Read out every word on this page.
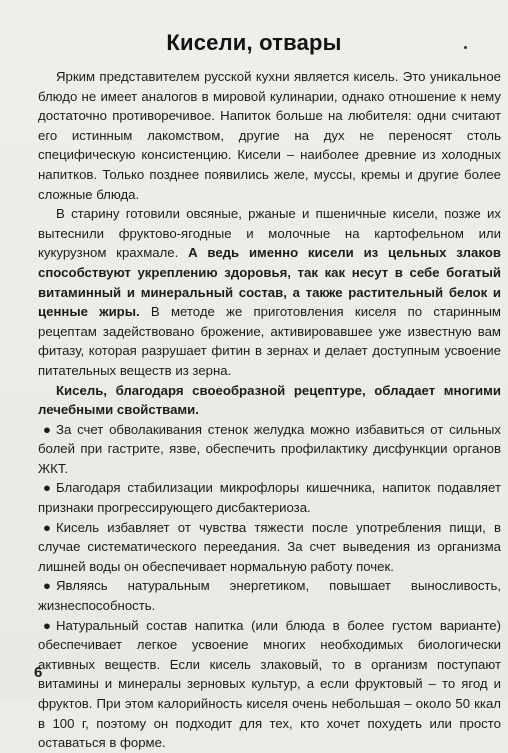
Кисели, отвары

Ярким представителем русской кухни является кисель. Это уникальное блюдо не имеет аналогов в мировой кулинарии, однако отношение к нему достаточно противоречивое. Напиток больше на любителя: одни считают его истинным лакомством, другие на дух не переносят столь специфическую консистенцию. Кисели – наиболее древние из холодных напитков. Только позднее появились желе, муссы, кремы и другие более сложные блюда.

В старину готовили овсяные, ржаные и пшеничные кисели, позже их вытеснили фруктово-ягодные и молочные на картофельном или кукурузном крахмале. А ведь именно кисели из цельных злаков способствуют укреплению здоровья, так как несут в себе богатый витаминный и минеральный состав, а также растительный белок и ценные жиры. В методе же приготовления киселя по старинным рецептам задействовано брожение, активировавшее уже известную вам фитазу, которая разрушает фитин в зернах и делает доступным усвоение питательных веществ из зерна.

Кисель, благодаря своеобразной рецептуре, обладает многими лечебными свойствами.

● За счет обволакивания стенок желудка можно избавиться от сильных болей при гастрите, язве, обеспечить профилактику дисфункции органов ЖКТ.

● Благодаря стабилизации микрофлоры кишечника, напиток подавляет признаки прогрессирующего дисбактериоза.

● Кисель избавляет от чувства тяжести после употребления пищи, в случае систематического переедания. За счет выведения из организма лишней воды он обеспечивает нормальную работу почек.

● Являясь натуральным энергетиком, повышает выносливость, жизнеспособность.

● Натуральный состав напитка (или блюда в более густом варианте) обеспечивает легкое усвоение многих необходимых биологически активных веществ. Если кисель злаковый, то в организм поступают витамины и минералы зерновых культур, а если фруктовый – то ягод и фруктов. При этом калорийность киселя очень небольшая – около 50 ккал в 100 г, поэтому он подходит для тех, кто хочет похудеть или просто оставаться в форме.

6
